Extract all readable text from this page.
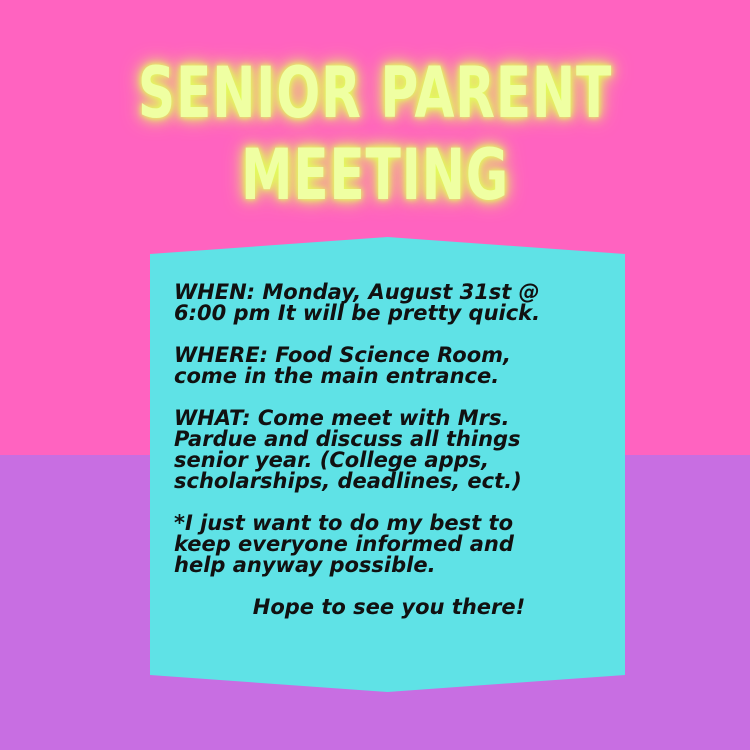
SENIOR PARENT
MEETING

WHEN: Monday, August 31st @
6:00 pm It will be pretty quick.

WHERE: Food Science Room,
come in the main entrance.

WHAT: Come meet with Mrs.
Pardue and discuss all things
senior year. (College apps,
scholarships, deadlines, ect.)

*I just want to do my best to
keep everyone informed and
help anyway possible.

Hope to see you there!
